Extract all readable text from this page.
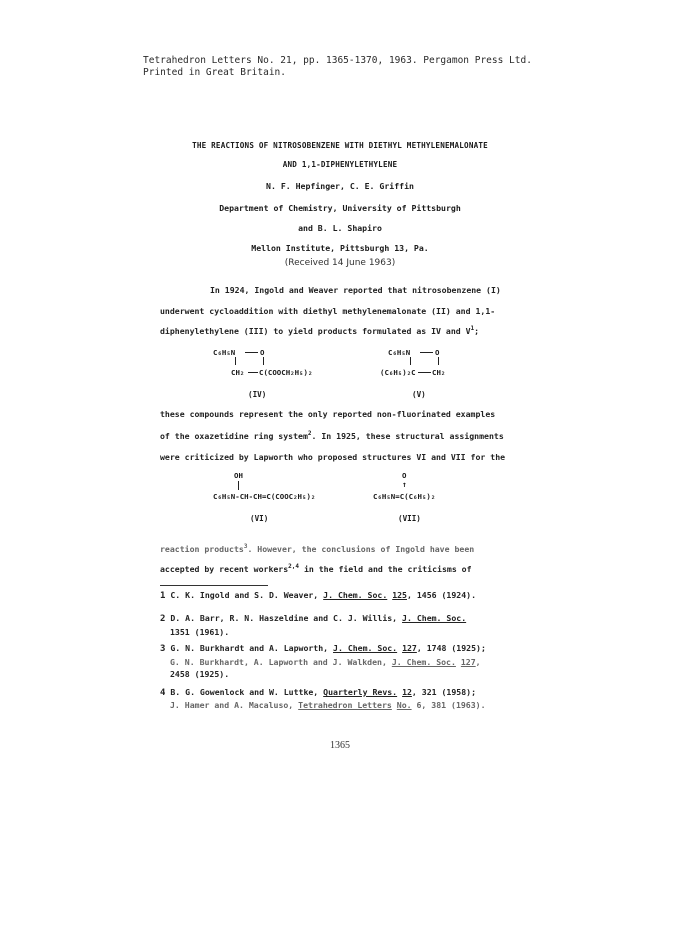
Tetrahedron Letters No. 21, pp. 1365-1370, 1963. Pergamon Press Ltd.
Printed in Great Britain.
THE REACTIONS OF NITROSOBENZENE WITH DIETHYL METHYLENEMALONATE
AND 1,1-DIPHENYLETHYLENE
N. F. Hepfinger, C. E. Griffin
Department of Chemistry, University of Pittsburgh
and B. L. Shapiro
Mellon Institute, Pittsburgh 13, Pa.
(Received 14 June 1963)
In 1924, Ingold and Weaver reported that nitrosobenzene (I)
underwent cycloaddition with diethyl methylenemalonate (II) and 1,1-
diphenylethylene (III) to yield products formulated as IV and $V^1$;
C₆H₅N	O
CH₂ C(COOCH₂H₅)₂
(IV)
C₆H₅N	O
(C₆H₅)₂C CH₂
(V)
these compounds represent the only reported non-fluorinated examples
of the oxazetidine ring system$^2$. In 1925, these structural assignments
were criticized by Lapworth who proposed structures VI and VII for the
OH
C₆H₅N-CH-CH=C(COOC₂H₅)₂
(VI)
O
↑
C₆H₅N=C(C₆H₅)₂
(VII)
reaction products$^3$. However, the conclusions of Ingold have been
accepted by recent workers$^{2,4}$ in the field and the criticisms of
1 C. K. Ingold and S. D. Weaver, J. Chem. Soc. 125, 1456 (1924).
2 D. A. Barr, R. N. Haszeldine and C. J. Willis, J. Chem. Soc.
1351 (1961).
3 G. N. Burkhardt and A. Lapworth, J. Chem. Soc. 127, 1748 (1925);
G. N. Burkhardt, A. Lapworth and J. Walkden, J. Chem. Soc. 127,
2458 (1925).
4 B. G. Gowenlock and W. Luttke, Quarterly Revs. 12, 321 (1958);
J. Hamer and A. Macaluso, Tetrahedron Letters No. 6, 381 (1963).
1365
